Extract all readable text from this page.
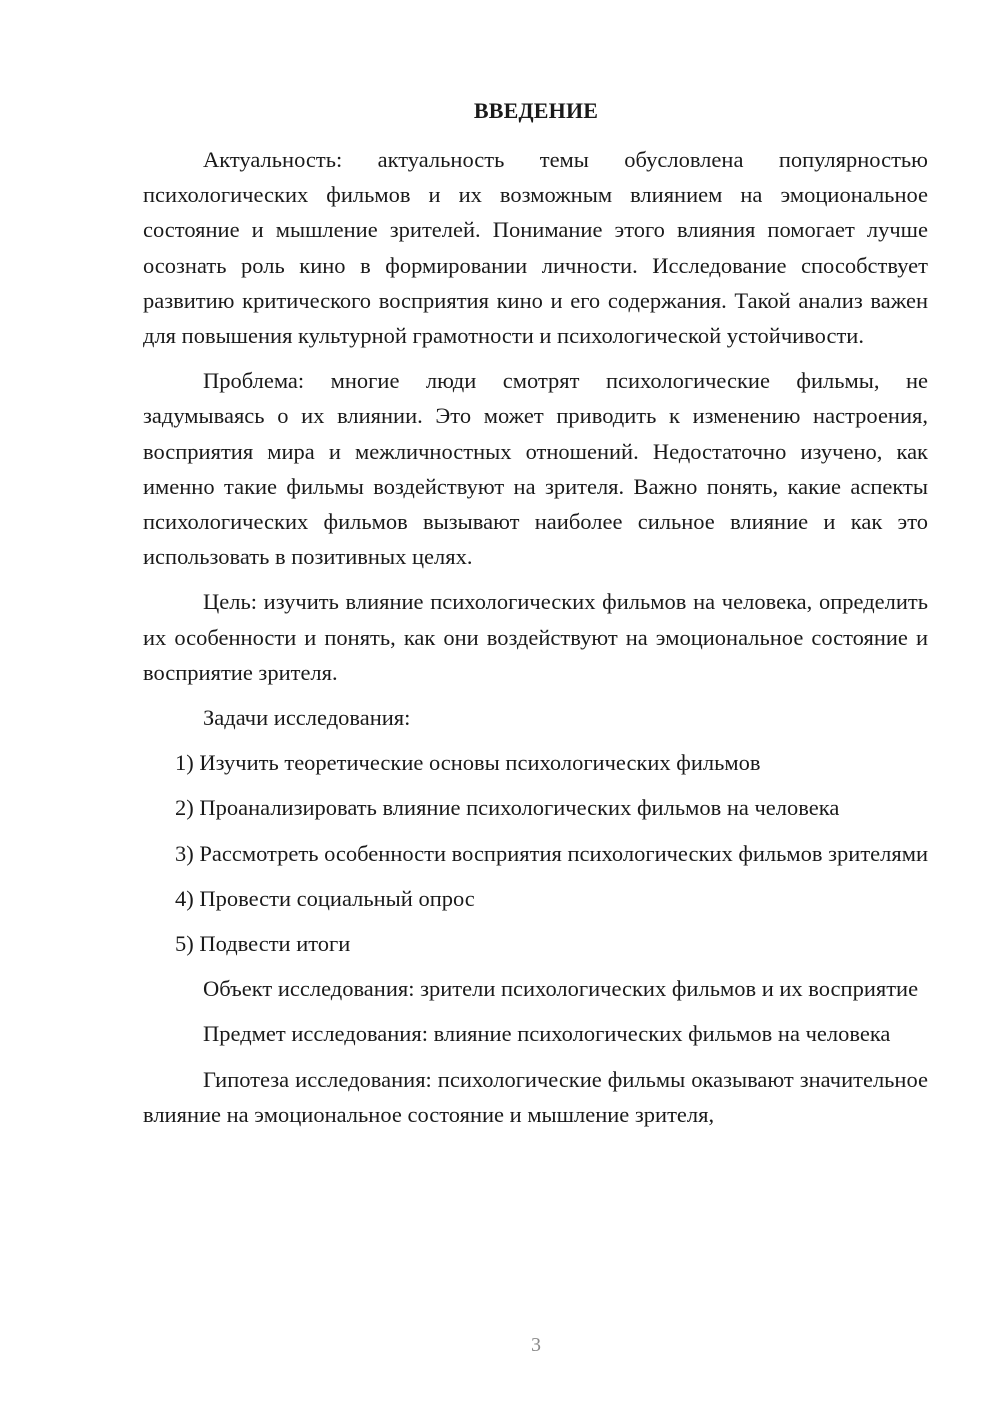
ВВЕДЕНИЕ

Актуальность: актуальность темы обусловлена популярностью психологических фильмов и их возможным влиянием на эмоциональное состояние и мышление зрителей. Понимание этого влияния помогает лучше осознать роль кино в формировании личности. Исследование способствует развитию критического восприятия кино и его содержания. Такой анализ важен для повышения культурной грамотности и психологической устойчивости.

Проблема: многие люди смотрят психологические фильмы, не задумываясь о их влиянии. Это может приводить к изменению настроения, восприятия мира и межличностных отношений. Недостаточно изучено, как именно такие фильмы воздействуют на зрителя. Важно понять, какие аспекты психологических фильмов вызывают наиболее сильное влияние и как это использовать в позитивных целях.

Цель: изучить влияние психологических фильмов на человека, определить их особенности и понять, как они воздействуют на эмоциональное состояние и восприятие зрителя.

Задачи исследования:

1) Изучить теоретические основы психологических фильмов

2) Проанализировать влияние психологических фильмов на человека

3) Рассмотреть особенности восприятия психологических фильмов зрителями

4) Провести социальный опрос

5) Подвести итоги

Объект исследования: зрители психологических фильмов и их восприятие

Предмет исследования: влияние психологических фильмов на человека

Гипотеза исследования: психологические фильмы оказывают значительное влияние на эмоциональное состояние и мышление зрителя,

3
